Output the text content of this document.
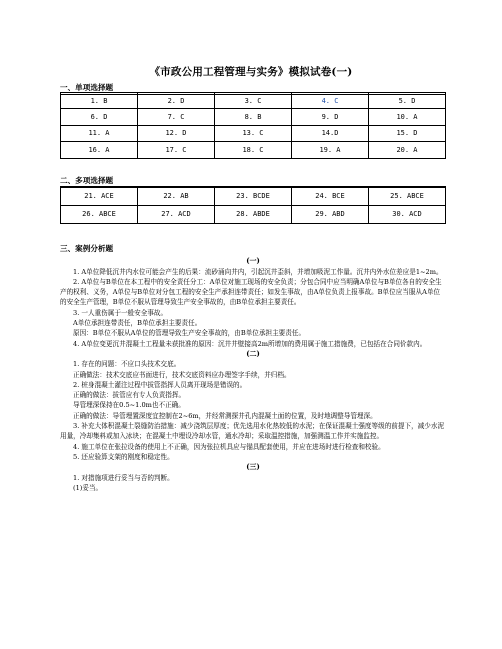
《市政公用工程管理与实务》模拟试卷(一)
一、单项选择题
1. B	2. D	3. C	4. C	5. D
6. D	7. C	8. B	9. D	10. A
11. A	12. D	13. C	14.D	15. D
16. A	17. C	18. C	19. A	20. A
二、多项选择题
21. ACE	22. AB	23. BCDE	24. BCE	25. ABCE
26. ABCE	27. ACD	28. ABDE	29. ABD	30. ACD

三、案例分析题

(一)

1. A单位降低沉井内水位可能会产生的后果：流砂涌向井内，引起沉井歪斜，并增加吸泥工作量。沉井内外水位差应是1~2m。

2. A单位与B单位在本工程中的安全责任分工：A单位对施工现场的安全负责；分包合同中应当明确A单位与B单位各自的安全生产的权利、义务，A单位与B单位对分包工程的安全生产承担连带责任；如发生事故，由A单位负责上报事故。B单位应当服从A单位的安全生产管理，B单位不服从管理导致生产安全事故的，由B单位承担主要责任。

3. 一人重伤属于一般安全事故。

A单位承担连带责任，B单位承担主要责任。

原因：B单位不服从A单位的管理导致生产安全事故的，由B单位承担主要责任。

4. A单位变更沉井混凝土工程量未获批准的原因：沉井井壁接高2m所增加的费用属于施工措施费，已包括在合同价款内。

(二)

1. 存在的问题：不应口头技术交底。

正确做法：技术交底应书面进行，技术交底资料应办理签字手续，并归档。

2. 桩身混凝土灌注过程中拔管指挥人员离开现场是错误的。

正确的做法：拔管应有专人负责指挥。

导管埋深保持在0.5~1.0m也不正确。

正确的做法：导管埋置深度宜控制在2~6m，并经常测探井孔内混凝土面的位置，及时地调整导管埋深。

3. 补充大体积混凝土裂缝防治措施：减少浇筑层厚度；优先选用水化热较低的水泥；在保证混凝土强度等级的前提下，减少水泥用量，冷却集料或加入冰块；在混凝土中埋设冷却水管，通水冷却；采取温控措施，加强测温工作并实施监控。

4. 施工单位在张拉设备的使用上不正确，因为张拉机具应与锚具配套使用，并应在进场时进行检查和校验。

5. 还应验算支架的刚度和稳定性。

(三)

1. 对措施项进行妥当与否的判断。

(1)妥当。
